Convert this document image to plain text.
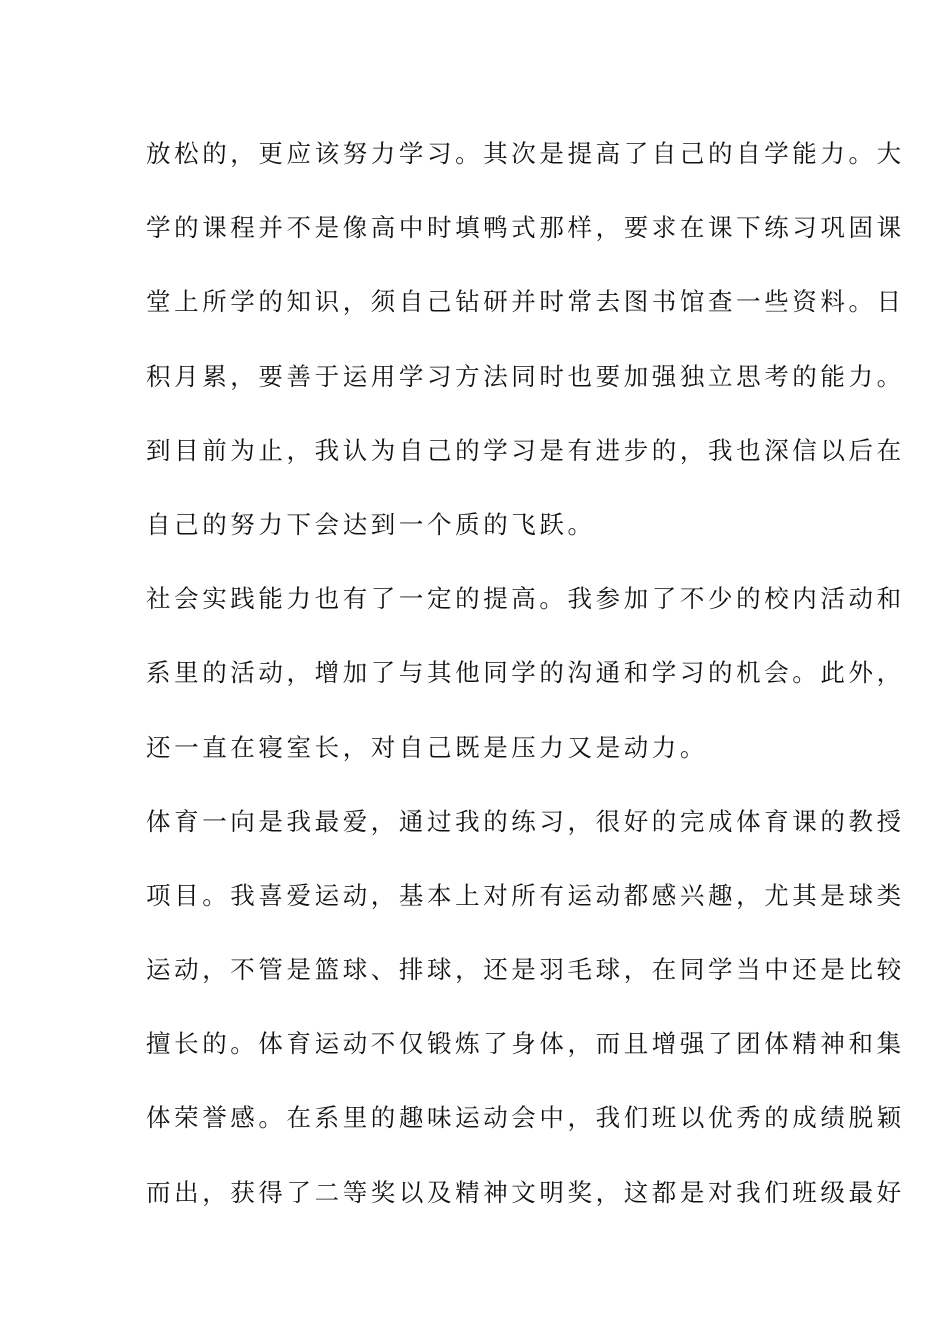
放松的，更应该努力学习。其次是提高了自己的自学能力。大
学的课程并不是像高中时填鸭式那样，要求在课下练习巩固课
堂上所学的知识，须自己钻研并时常去图书馆查一些资料。日
积月累，要善于运用学习方法同时也要加强独立思考的能力。
到目前为止，我认为自己的学习是有进步的，我也深信以后在
自己的努力下会达到一个质的飞跃。
社会实践能力也有了一定的提高。我参加了不少的校内活动和
系里的活动，增加了与其他同学的沟通和学习的机会。此外，
还一直在寝室长，对自己既是压力又是动力。
体育一向是我最爱，通过我的练习，很好的完成体育课的教授
项目。我喜爱运动，基本上对所有运动都感兴趣，尤其是球类
运动，不管是篮球、排球，还是羽毛球，在同学当中还是比较
擅长的。体育运动不仅锻炼了身体，而且增强了团体精神和集
体荣誉感。在系里的趣味运动会中，我们班以优秀的成绩脱颖
而出，获得了二等奖以及精神文明奖，这都是对我们班级最好
